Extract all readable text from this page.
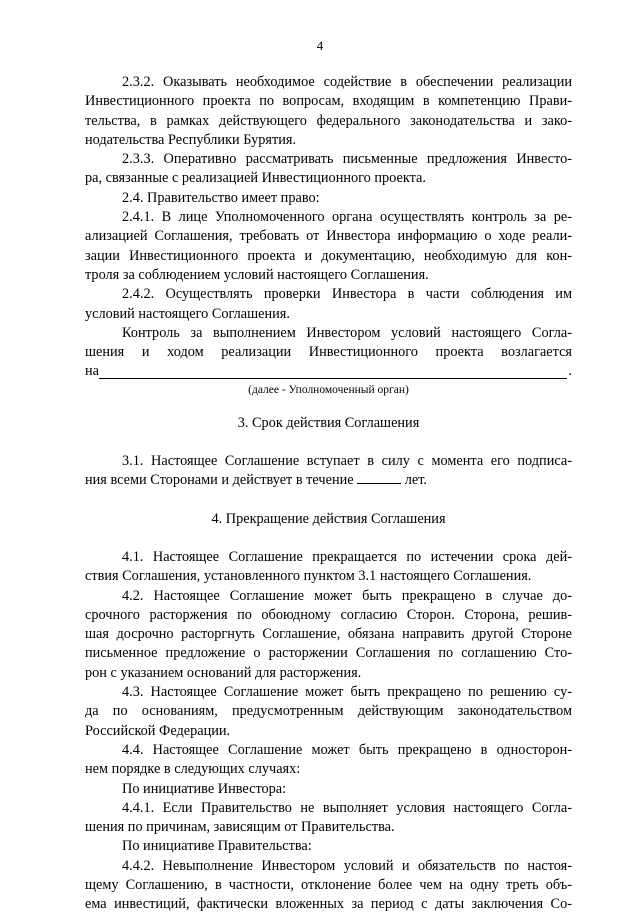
4

2.3.2. Оказывать необходимое содействие в обеспечении реализации

Инвестиционного проекта по вопросам, входящим в компетенцию Прави-

тельства, в рамках действующего федерального законодательства и зако-

нодательства Республики Бурятия.

2.3.3. Оперативно рассматривать письменные предложения Инвесто-

ра, связанные с реализацией Инвестиционного проекта.

2.4. Правительство имеет право:

2.4.1. В лице Уполномоченного органа осуществлять контроль за ре-

ализацией Соглашения, требовать от Инвестора информацию о ходе реали-

зации Инвестиционного проекта и документацию, необходимую для кон-

троля за соблюдением условий настоящего Соглашения.

2.4.2. Осуществлять проверки Инвестора в части соблюдения им

условий настоящего Соглашения.

Контроль за выполнением Инвестором условий настоящего Согла-

шения и ходом реализации Инвестиционного проекта возлагается

на	.

(далее - Уполномоченный орган)

3. Срок действия Соглашения

3.1. Настоящее Соглашение вступает в силу с момента его подписа-

ния всеми Сторонами и действует в течение	лет.

4. Прекращение действия Соглашения

4.1. Настоящее Соглашение прекращается по истечении срока дей-

ствия Соглашения, установленного пунктом 3.1 настоящего Соглашения.

4.2. Настоящее Соглашение может быть прекращено в случае до-

срочного расторжения по обоюдному согласию Сторон. Сторона, решив-

шая досрочно расторгнуть Соглашение, обязана направить другой Стороне

письменное предложение о расторжении Соглашения по соглашению Сто-

рон с указанием оснований для расторжения.

4.3. Настоящее Соглашение может быть прекращено по решению су-

да по основаниям, предусмотренным действующим законодательством

Российской Федерации.

4.4. Настоящее Соглашение может быть прекращено в односторон-

нем порядке в следующих случаях:

По инициативе Инвестора:

4.4.1. Если Правительство не выполняет условия настоящего Согла-

шения по причинам, зависящим от Правительства.

По инициативе Правительства:

4.4.2. Невыполнение Инвестором условий и обязательств по настоя-

щему Соглашению, в частности, отклонение более чем на одну треть объ-

ема инвестиций, фактически вложенных за период с даты заключения Со-
